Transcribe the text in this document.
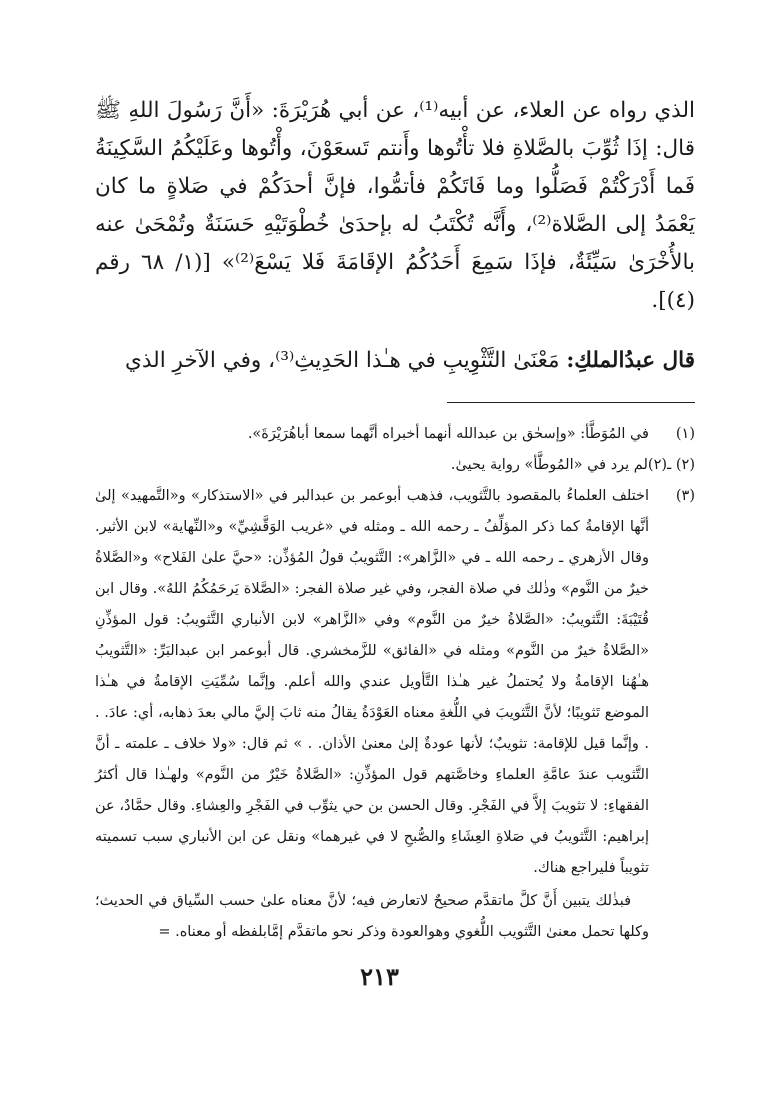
الذي رواه عن العلاء، عن أبيه⁽¹⁾، عن أبي هُرَيْرَةَ: «أَنَّ رَسُولَ اللهِ ﷺ قال: إذَا ثُوِّبَ بالصَّلاةِ فلا تأْتُوها وأَنتم تَسعَوْنَ، وأْتُوها وعَلَيْكُمُ السَّكِينَةُ فَما أَدْرَكْتُمْ فَصَلُّوا وما فَاتَكُمْ فأتمُّوا، فإنَّ أحدَكُمْ في صَلاةٍ ما كان يَعْمَدُ إلى الصَّلاة⁽²⁾، وأَنَّه تُكْتَبُ له بإحدَىٰ خُطْوَتَيْهِ حَسَنَةٌ وتُمْحَىٰ عنه بالأُخْرَىٰ سَيِّئَةٌ، فإذَا سَمِعَ أَحَدُكُمُ الإقَامَةَ فَلا يَسْعَ⁽²⁾» [(١/ ٦٨ رقم (٤)].

قال عبدُالملكِ: مَعْنَىٰ التَّثْوِيبِ في هـٰذا الحَدِيثِ⁽³⁾، وفي الآخرِ الذي

(١)
في المُوَطَّأ: «وإسحٰق بن عبدالله أنهما أخبراه أنَّهما سمعا أباهُرَيْرَةَ».
(٢) ـ(٢)
لم يرد في «المُوطَّأ» رواية يحيىٰ.
(٣)
اختلف العلماءُ بالمقصود بالتَّثويب، فذهب أبوعمر بن عبدالبر في «الاستذكار» و«التَّمهيد» إلىٰ أنَّها الإقامةُ كما ذكر المؤلِّفُ ـ رحمه الله ـ ومثله في «غريب الوَقَّشِيِّ» و«النِّهاية» لابن الأثير. وقال الأزهري ـ رحمه الله ـ في «الزَّاهر»: التَّثويبُ قولُ المُؤذِّن: «حيَّ علىٰ الفَلاح» و«الصَّلاةُ خيرٌ من النَّوم» وذٰلك في صلاة الفجر، وفي غير صلاة الفجر: «الصَّلاة يَرحَمُكُمُ اللهُ». وقال ابن قُتَيْبَةَ: التَّثويبُ: «الصَّلاةُ خيرٌ من النَّوم» وفي «الزَّاهر» لابن الأنباري التَّثويبُ: قول المؤذِّنِ «الصَّلاةُ خيرٌ من النَّوم» ومثله في «الفائق» للزَّمخشري. قال أبوعمر ابن عبدالبَرِّ: «التَّثويبُ هـٰهُنا الإقامةُ ولا يُحتملُ غير هـٰذا التَّأويل عندي والله أعلم. وإنَّما سُمِّيَتِ الإقامةُ في هـٰذا الموضع تَثويبًا؛ لأنَّ التَّثويبَ في اللُّغةِ معناه العَوْدَةُ يقالُ منه ثابَ إليَّ مالي بعدَ ذهابه، أي: عادَ. . . وإنَّما قيل للإقامة: تثويبٌ؛ لأنها عودةٌ إلىٰ معنىٰ الأذان. . » ثم قال: «ولا خلاف ـ علمته ـ أنَّ التَّثويب عندَ عامَّةِ العلماءِ وخاصَّتهم قول المؤذِّنِ: «الصَّلاةُ خَيْرٌ من النَّوم» ولهـٰذا قال أكثرُ الفقهاءِ: لا تثويبَ إلاَّ في الفَجْرِ. وقال الحسن بن حي يثوِّب في الفَجْرِ والعِشاءِ. وقال حمَّادٌ، عن إبراهيم: التَّثويبُ في صَلاةِ العِشَاءِ والصُّبحِ لا في غيرهما» ونقل عن ابن الأنباري سبب تسميته تثويباً فليراجع هناك.

فبذٰلك يتبين أَنَّ كلَّ ماتقدَّم صحيحٌ لاتعارض فيه؛ لأنَّ معناه علىٰ حسب السِّياق في الحديث؛ وكلها تحمل معنىٰ التَّثويب اللُّغوي وهوالعودة وذكر نحو ماتقدَّم إمَّابلفظه أو معناه. =

٢١٣
